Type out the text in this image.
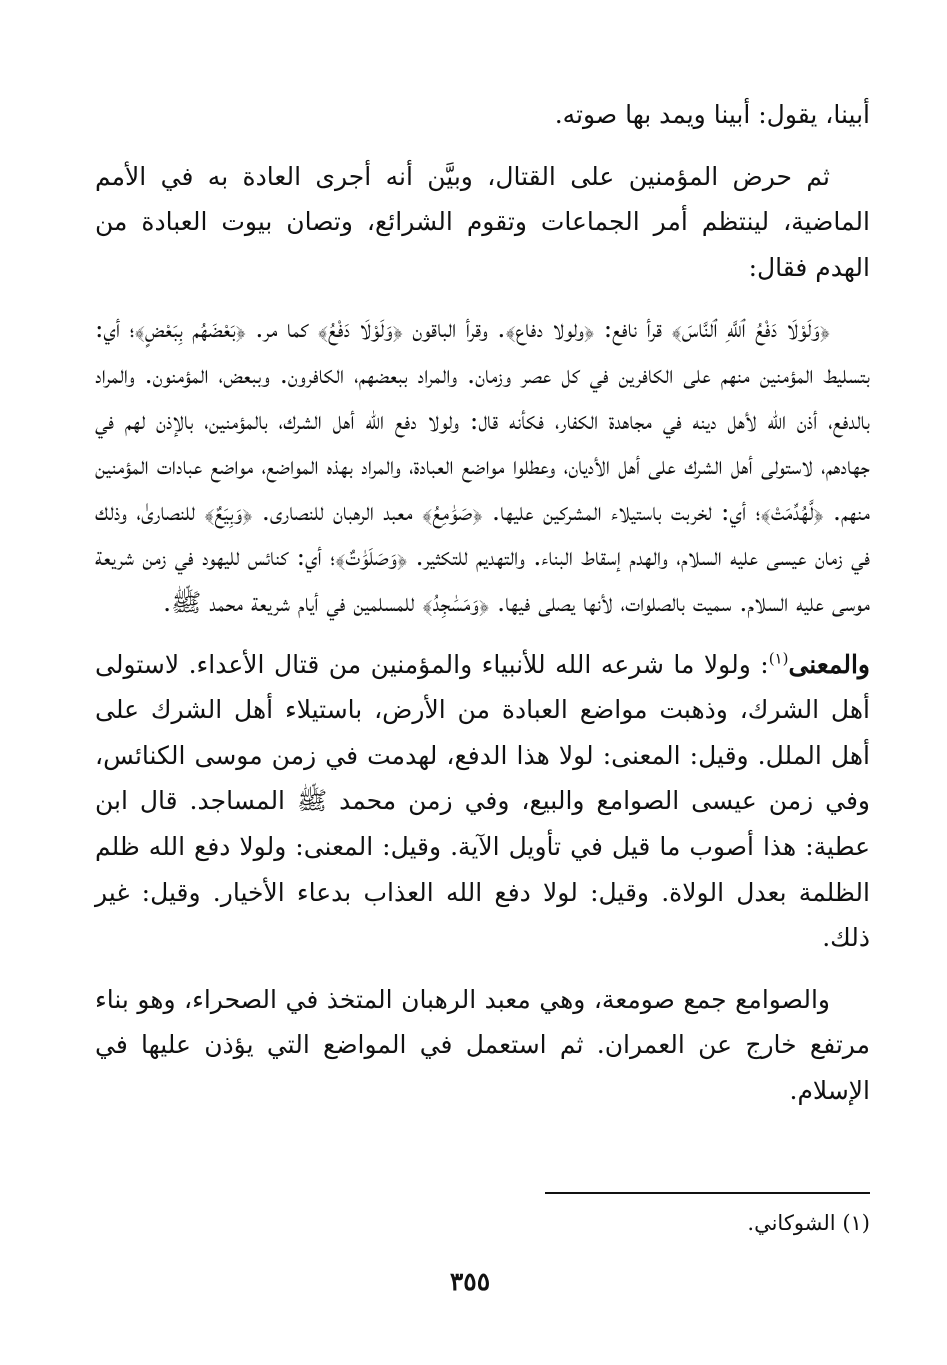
أبينا، يقول: أبينا ويمد بها صوته.

ثم حرض المؤمنين على القتال، وبيَّن أنه أجرى العادة به في الأمم الماضية، لينتظم أمر الجماعات وتقوم الشرائع، وتصان بيوت العبادة من الهدم فقال:

﴿وَلَوْلَا دَفْعُ ٱللَّهِ ٱلنَّاسَ﴾ قرأ نافع: ﴿ولولا دفاع﴾. وقرأ الباقون ﴿وَلَوْلَا دَفْعُ﴾ كما مر. ﴿بَعْضَهُم بِبَعْضٍ﴾؛ أي: بتسليط المؤمنين منهم على الكافرين في كل عصر وزمان. والمراد ببعضهم، الكافرون. وببعض، المؤمنون. والمراد بالدفع، أذن الله لأهل دينه في مجاهدة الكفار، فكأنه قال: ولولا دفع الله أهل الشرك، بالمؤمنين، بالإذن لهم في جهادهم، لاستولى أهل الشرك على أهل الأديان، وعطلوا مواضع العبادة، والمراد بهذه المواضع، مواضع عبادات المؤمنين منهم. ﴿لَّهُدِّمَتْ﴾؛ أي: لخربت باستيلاء المشركين عليها. ﴿صَوَٰمِعُ﴾ معبد الرهبان للنصارى. ﴿وَبِيَعٌ﴾ للنصارىٰ، وذلك في زمان عيسى عليه السلام، والهدم إسقاط البناء. والتهديم للتكثير. ﴿وَصَلَوَٰتٌ﴾؛ أي: كنائس لليهود في زمن شريعة موسى عليه السلام. سميت بالصلوات، لأنها يصلى فيها. ﴿وَمَسَٰجِدُ﴾ للمسلمين في أيام شريعة محمد ﷺ.

والمعنى$^{(١)}$: ولولا ما شرعه الله للأنبياء والمؤمنين من قتال الأعداء. لاستولى أهل الشرك، وذهبت مواضع العبادة من الأرض، باستيلاء أهل الشرك على أهل الملل. وقيل: المعنى: لولا هذا الدفع، لهدمت في زمن موسى الكنائس، وفي زمن عيسى الصوامع والبيع، وفي زمن محمد ﷺ المساجد. قال ابن عطية: هذا أصوب ما قيل في تأويل الآية. وقيل: المعنى: ولولا دفع الله ظلم الظلمة بعدل الولاة. وقيل: لولا دفع الله العذاب بدعاء الأخيار. وقيل: غير ذلك.

والصوامع جمع صومعة، وهي معبد الرهبان المتخذ في الصحراء، وهو بناء مرتفع خارج عن العمران. ثم استعمل في المواضع التي يؤذن عليها في الإسلام.

(١) الشوكاني.
٣٥٥
